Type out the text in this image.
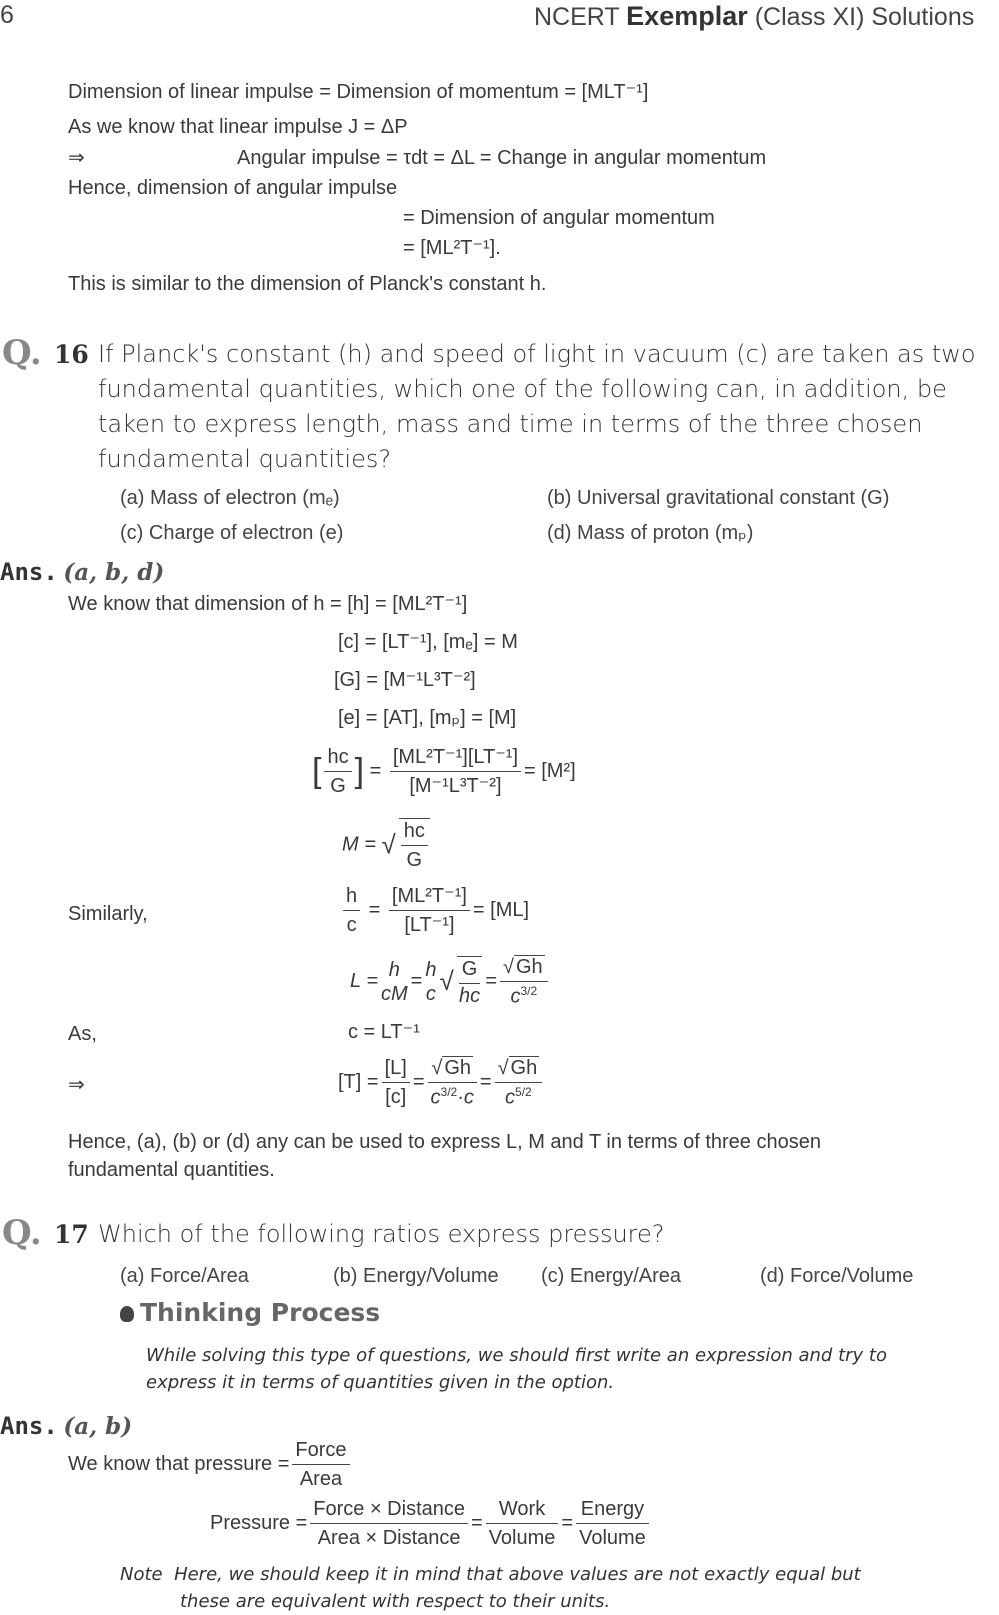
6	NCERT Exemplar (Class XI) Solutions
Dimension of linear impulse = Dimension of momentum = [MLT⁻¹]
As we know that linear impulse J = ΔP
⇒	Angular impulse = τdt = ΔL = Change in angular momentum
Hence, dimension of angular impulse
= Dimension of angular momentum
= [ML²T⁻¹].
This is similar to the dimension of Planck's constant h.
Q. 16 If Planck's constant (h) and speed of light in vacuum (c) are taken as two
fundamental quantities, which one of the following can, in addition, be
taken to express length, mass and time in terms of the three chosen
fundamental quantities?
(a) Mass of electron (mₑ)	(b) Universal gravitational constant (G)
(c) Charge of electron (e)	(d) Mass of proton (mₚ)
Ans. (a, b, d)
We know that dimension of h = [h] = [ML²T⁻¹]
[c] = [LT⁻¹], [mₑ] = M
[G] = [M⁻¹L³T⁻²]
[e] = [AT], [mₚ] = [M]
[ $\frac{hc}{G}$ ] = $\frac{\text{[ML²T⁻¹][LT⁻¹]}}{\text{[M⁻¹L³T⁻²]}} = [M^2]$
M = √ $\frac{hc}{G}$
Similarly,	$\frac{h}{c} = \frac{\text{[ML²T⁻¹]}}{\text{[LT⁻¹]}} = [ML]$
L =
h
cM
=
h
c √ $\frac{G}{hc} = \frac{√ Gh}{c^{3/2}}$
As,	c = LT⁻¹
⇒	$[T] = \frac{[L]}{[c]} = \frac{√ Gh}{c^{3/2}\cdot c} = \frac{√ Gh}{c^{5/2}}$
Hence, (a), (b) or (d) any can be used to express L, M and T in terms of three chosen
fundamental quantities.
Q. 17 Which of the following ratios express pressure?
(a) Force/Area	(b) Energy/Volume (c) Energy/Area	(d) Force/Volume
Thinking Process
While solving this type of questions, we should first write an expression and try to
express it in terms of quantities given in the option.
Ans. (a, b)
We know that pressure = $\frac{\text{Force}}{\text{Area}}$
Pressure = $\frac{\text{Force × Distance}}{\text{Area × Distance}} = \frac{\text{Work}}{\text{Volume}} = \frac{\text{Energy}}{\text{Volume}}$
Note Here, we should keep it in mind that above values are not exactly equal but
these are equivalent with respect to their units.
